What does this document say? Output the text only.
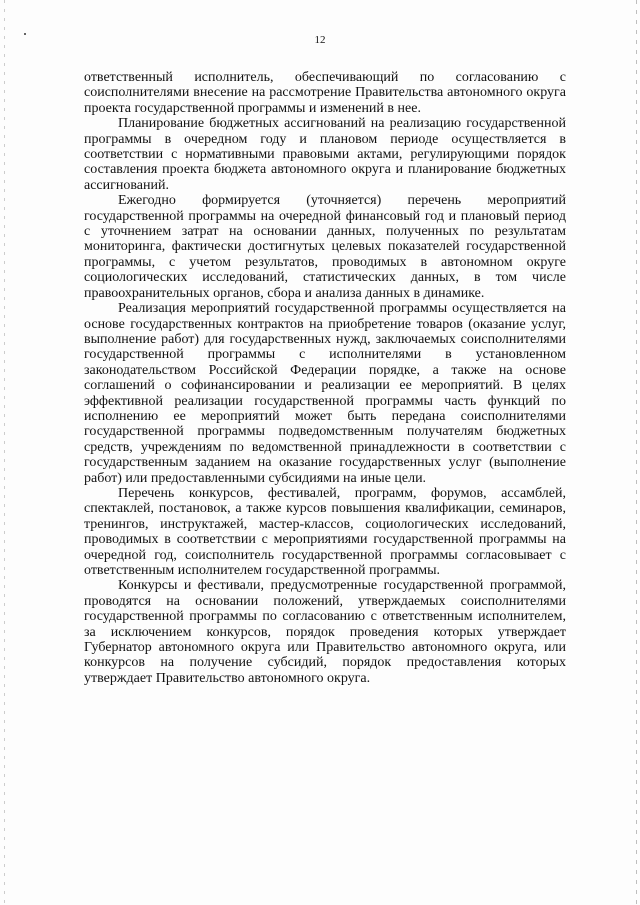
12

ответственный исполнитель, обеспечивающий по согласованию с соисполнителями внесение на рассмотрение Правительства автономного округа проекта государственной программы и изменений в нее.

Планирование бюджетных ассигнований на реализацию государственной программы в очередном году и плановом периоде осуществляется в соответствии с нормативными правовыми актами, регулирующими порядок составления проекта бюджета автономного округа и планирование бюджетных ассигнований.

Ежегодно формируется (уточняется) перечень мероприятий государственной программы на очередной финансовый год и плановый период с уточнением затрат на основании данных, полученных по результатам мониторинга, фактически достигнутых целевых показателей государственной программы, с учетом результатов, проводимых в автономном округе социологических исследований, статистических данных, в том числе правоохранительных органов, сбора и анализа данных в динамике.

Реализация мероприятий государственной программы осуществляется на основе государственных контрактов на приобретение товаров (оказание услуг, выполнение работ) для государственных нужд, заключаемых соисполнителями государственной программы с исполнителями в установленном законодательством Российской Федерации порядке, а также на основе соглашений о софинансировании и реализации ее мероприятий. В целях эффективной реализации государственной программы часть функций по исполнению ее мероприятий может быть передана соисполнителями государственной программы подведомственным получателям бюджетных средств, учреждениям по ведомственной принадлежности в соответствии с государственным заданием на оказание государственных услуг (выполнение работ) или предоставленными субсидиями на иные цели.

Перечень конкурсов, фестивалей, программ, форумов, ассамблей, спектаклей, постановок, а также курсов повышения квалификации, семинаров, тренингов, инструктажей, мастер-классов, социологических исследований, проводимых в соответствии с мероприятиями государственной программы на очередной год, соисполнитель государственной программы согласовывает с ответственным исполнителем государственной программы.

Конкурсы и фестивали, предусмотренные государственной программой, проводятся на основании положений, утверждаемых соисполнителями государственной программы по согласованию с ответственным исполнителем, за исключением конкурсов, порядок проведения которых утверждает Губернатор автономного округа или Правительство автономного округа, или конкурсов на получение субсидий, порядок предоставления которых утверждает Правительство автономного округа.
